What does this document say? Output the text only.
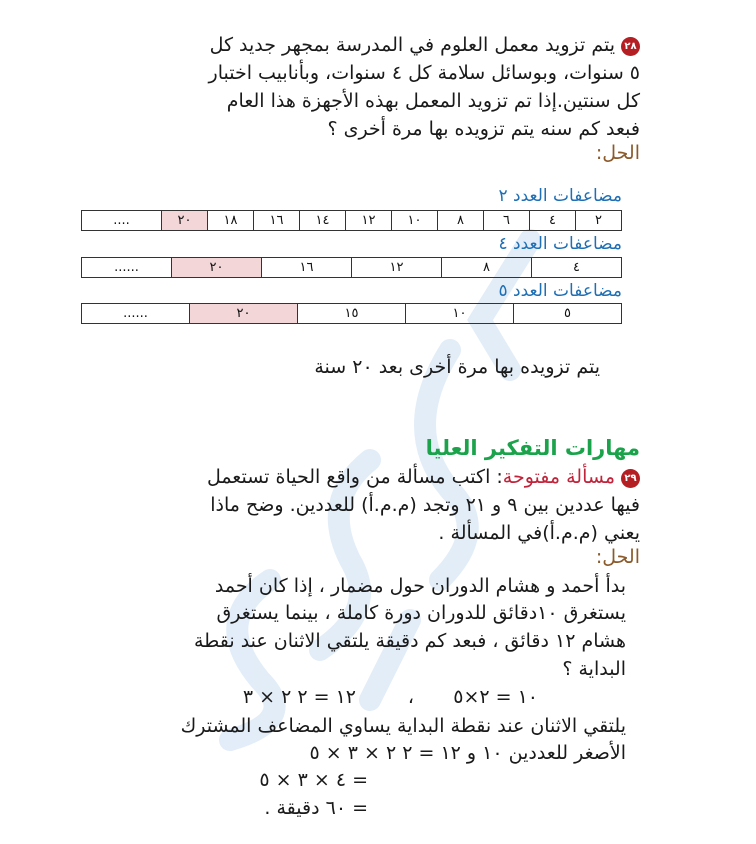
٢٨يتم تزويد معمل العلوم في المدرسة بمجهر جديد كل
٥ سنوات، وبوسائل سلامة كل ٤ سنوات، وبأنابيب اختبار
كل سنتين.إذا تم تزويد المعمل بهذه الأجهزة هذا العام
فبعد كم سنه يتم تزويده بها مرة أخرى ؟
الحل:
مضاعفات العدد ٢
٢	٤	٦	٨	١٠	١٢	١٤	١٦	١٨	٢٠	....
مضاعفات العدد ٤
٤	٨	١٢	١٦	٢٠	......
مضاعفات العدد ٥
٥	١٠	١٥	٢٠	......
يتم تزويده بها مرة أخرى بعد ٢٠ سنة
مهارات التفكير العليا
٢٩مسألة مفتوحة: اكتب مسألة من واقع الحياة تستعمل
فيها عددين بين ٩ و ٢١ وتجد (م.م.أ) للعددين. وضح ماذا
يعني (م.م.أ)في المسألة .
الحل:
بدأ أحمد و هشام الدوران حول مضمار ، إذا كان أحمد
يستغرق ١٠دقائق للدوران دورة كاملة ، بينما يستغرق
هشام ١٢ دقائق ، فبعد كم دقيقة يلتقي الاثنان عند نقطة
البداية ؟
١٠ = ٢×٥
،
١٢ = ٢ ٢ × ٣
يلتقي الاثنان عند نقطة البداية يساوي المضاعف المشترك
الأصغر للعددين ١٠ و ١٢ = ٢ ٢ × ٣ × ٥
= ٤ × ٣ × ٥
= ٦٠ دقيقة .
